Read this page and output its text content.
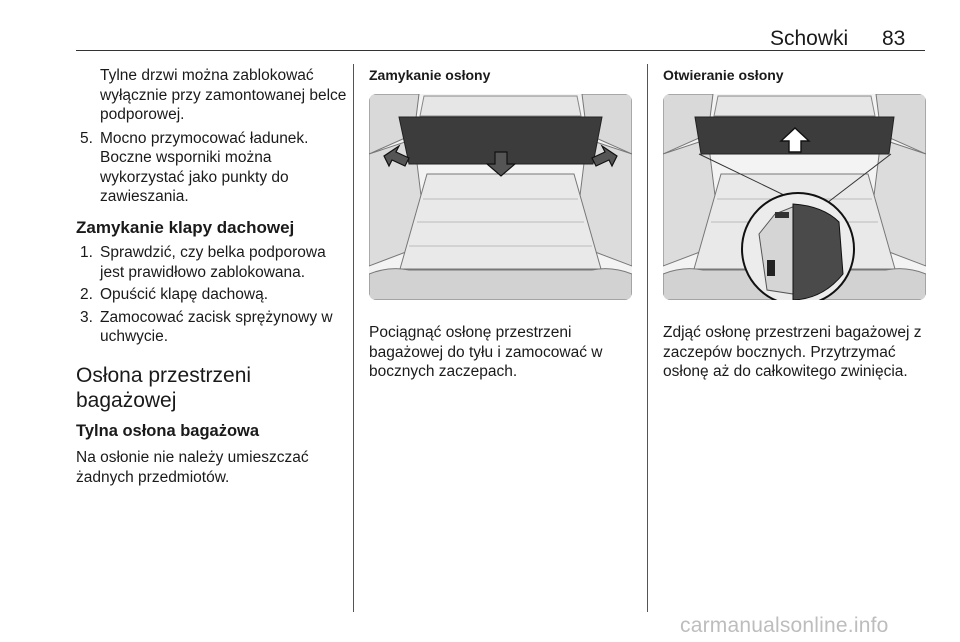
Schowki 83

Tylne drzwi można zablokować wyłącznie przy zamontowanej belce podporowej.

5. Mocno przymocować ładunek. Boczne wsporniki można wykorzystać jako punkty do zawieszania.

Zamykanie klapy dachowej

1. Sprawdzić, czy belka podporowa jest prawidłowo zablokowana.
2. Opuścić klapę dachową.
3. Zamocować zacisk sprężynowy w uchwycie.

Osłona przestrzeni bagażowej

Tylna osłona bagażowa

Na osłonie nie należy umieszczać żadnych przedmiotów.

Zamykanie osłony

Pociągnąć osłonę przestrzeni bagażowej do tyłu i zamocować w bocznych zaczepach.

Otwieranie osłony

Zdjąć osłonę przestrzeni bagażowej z zaczepów bocznych. Przytrzymać osłonę aż do całkowitego zwinięcia.

carmanualsonline.info
